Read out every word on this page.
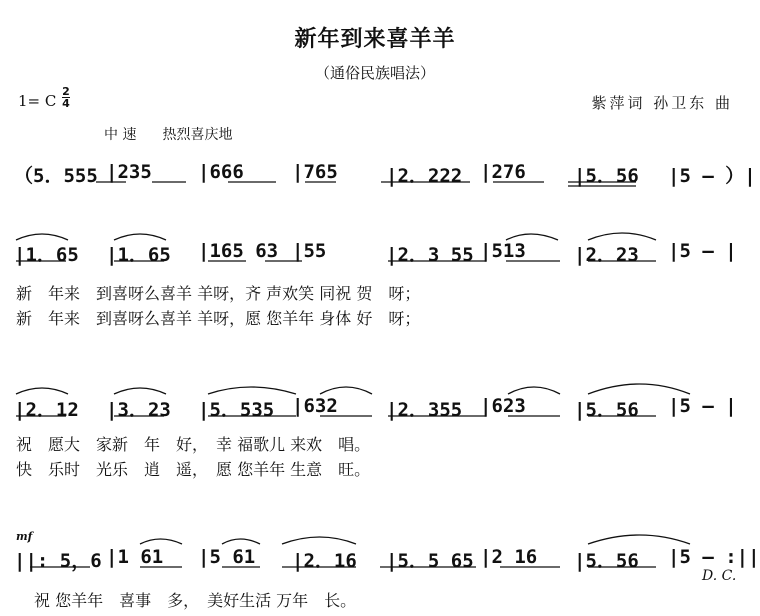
新年到来喜羊羊
（通俗民族唱法）
1= C
2
4	紫萍词 孙卫东 曲
中 速 热烈喜庆地
（5．555 |235 |666	|765	|2．222 |276	|5．56 |5 – ）|
|1．65 |1．65 |165 63 |55	|2．3 55 |513	|2．23 |5 – |
|2．12 |3．23 |5．535 |632	|2．355 |623	|5．56 |5 – |
||: 5，6 |1 61 |5 61 |2．16 |5．5 65 |2 16 |5．56 |5 – :||
新　年来　到喜呀么喜羊 羊呀，齐 声欢笑 同祝 贺　呀；
新　年来　到喜呀么喜羊 羊呀，愿 您羊年 身体 好　呀；
祝　愿大　家新　年　好，　幸 福歌儿 来欢　唱。
快　乐时　光乐　逍　遥，　愿 您羊年 生意　旺。
祝 您羊年　喜事　多，　美好生活 万年　长。
mf
D. C.
